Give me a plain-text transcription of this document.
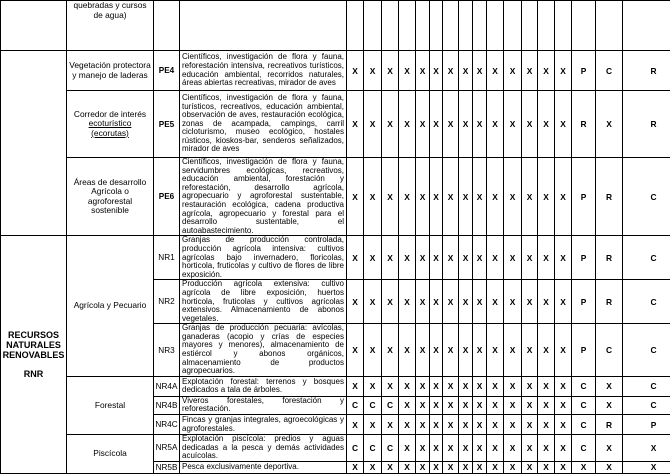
	quebradas y cursos de agua)																			
	Vegetación protectora y manejo de laderas	PE4	Científicos, investigación de flora y fauna, reforestación intensiva, recreativos turísticos, educación ambiental, recorridos naturales, áreas abiertas recreativas, mirador de aves	X	X	X	X	X	X	X	X	X	X	X	X	X	X	P	C	R
	Corredor de interés ecoturístico (ecorutas)	PE5	Científicos, investigación de flora y fauna, turísticos, recreativos, educación ambiental, observación de aves, restauración ecológica, zonas de acampada, campings, carril cicloturismo, museo ecológico, hostales rústicos, kioskos-bar, senderos señalizados, mirador de aves	X	X	X	X	X	X	X	X	X	X	X	X	X	X	R	X	R
	Áreas de desarrollo Agrícola o agroforestal sostenible	PE6	Científicos, investigación de flora y fauna, servidumbres ecológicas, recreativos, educación ambiental, forestación y reforestación, desarrollo agrícola, agropecuario y agroforestal sustentable, restauración ecológica, cadena productiva agrícola, agropecuario y forestal para el desarrollo sustentable, el autoabastecimiento.	X	X	X	X	X	X	X	X	X	X	X	X	X	X	P	R	C

RECURSOS
NATURALES
RENOVABLES
RNR	Agrícola y Pecuario	NR1	Granjas de producción controlada, producción agrícola intensiva: cultivos agrícolas bajo invernadero, floricolas, horticola, fruticolas y cultivo de flores de libre exposición.	X	X	X	X	X	X	X	X	X	X	X	X	X	X	P	R	C
		NR2	Producción agrícola extensiva: cultivo agrícola de libre exposición, huertos horticola, fruticolas y cultivos agrícolas extensivos. Almacenamiento de abonos vegetales.	X	X	X	X	X	X	X	X	X	X	X	X	X	X	P	R	C
		NR3	Granjas de producción pecuaria: avícolas, ganaderas (acopio y crías de especies mayores y menores), almacenamiento de estiércol y abonos orgánicos, almacenamiento de productos agropecuarios.	X	X	X	X	X	X	X	X	X	X	X	X	X	X	P	C	C
	Forestal	NR4A	Explotación forestal: terrenos y bosques dedicados a tala de árboles.	X	X	X	X	X	X	X	X	X	X	X	X	X	X	C	X	C
		NR4B	Viveros forestales, forestación y reforestación.	C	C	C	X	X	X	X	X	X	X	X	X	X	X	C	X	C
		NR4C	Fincas y granjas integrales, agroecológicas y agroforestales.	X	X	X	X	X	X	X	X	X	X	X	X	X	X	C	R	P
	Piscícola	NR5A	Explotación piscícola: predios y aguas dedicadas a la pesca y demás actividades acuícolas.	C	C	C	X	X	X	X	X	X	X	X	X	X	X	C	X	X
		NR5B	Pesca exclusivamente deportiva.	X	X	X	X	X	X	X	X	X	X	X	X	X	X	X	X	X
